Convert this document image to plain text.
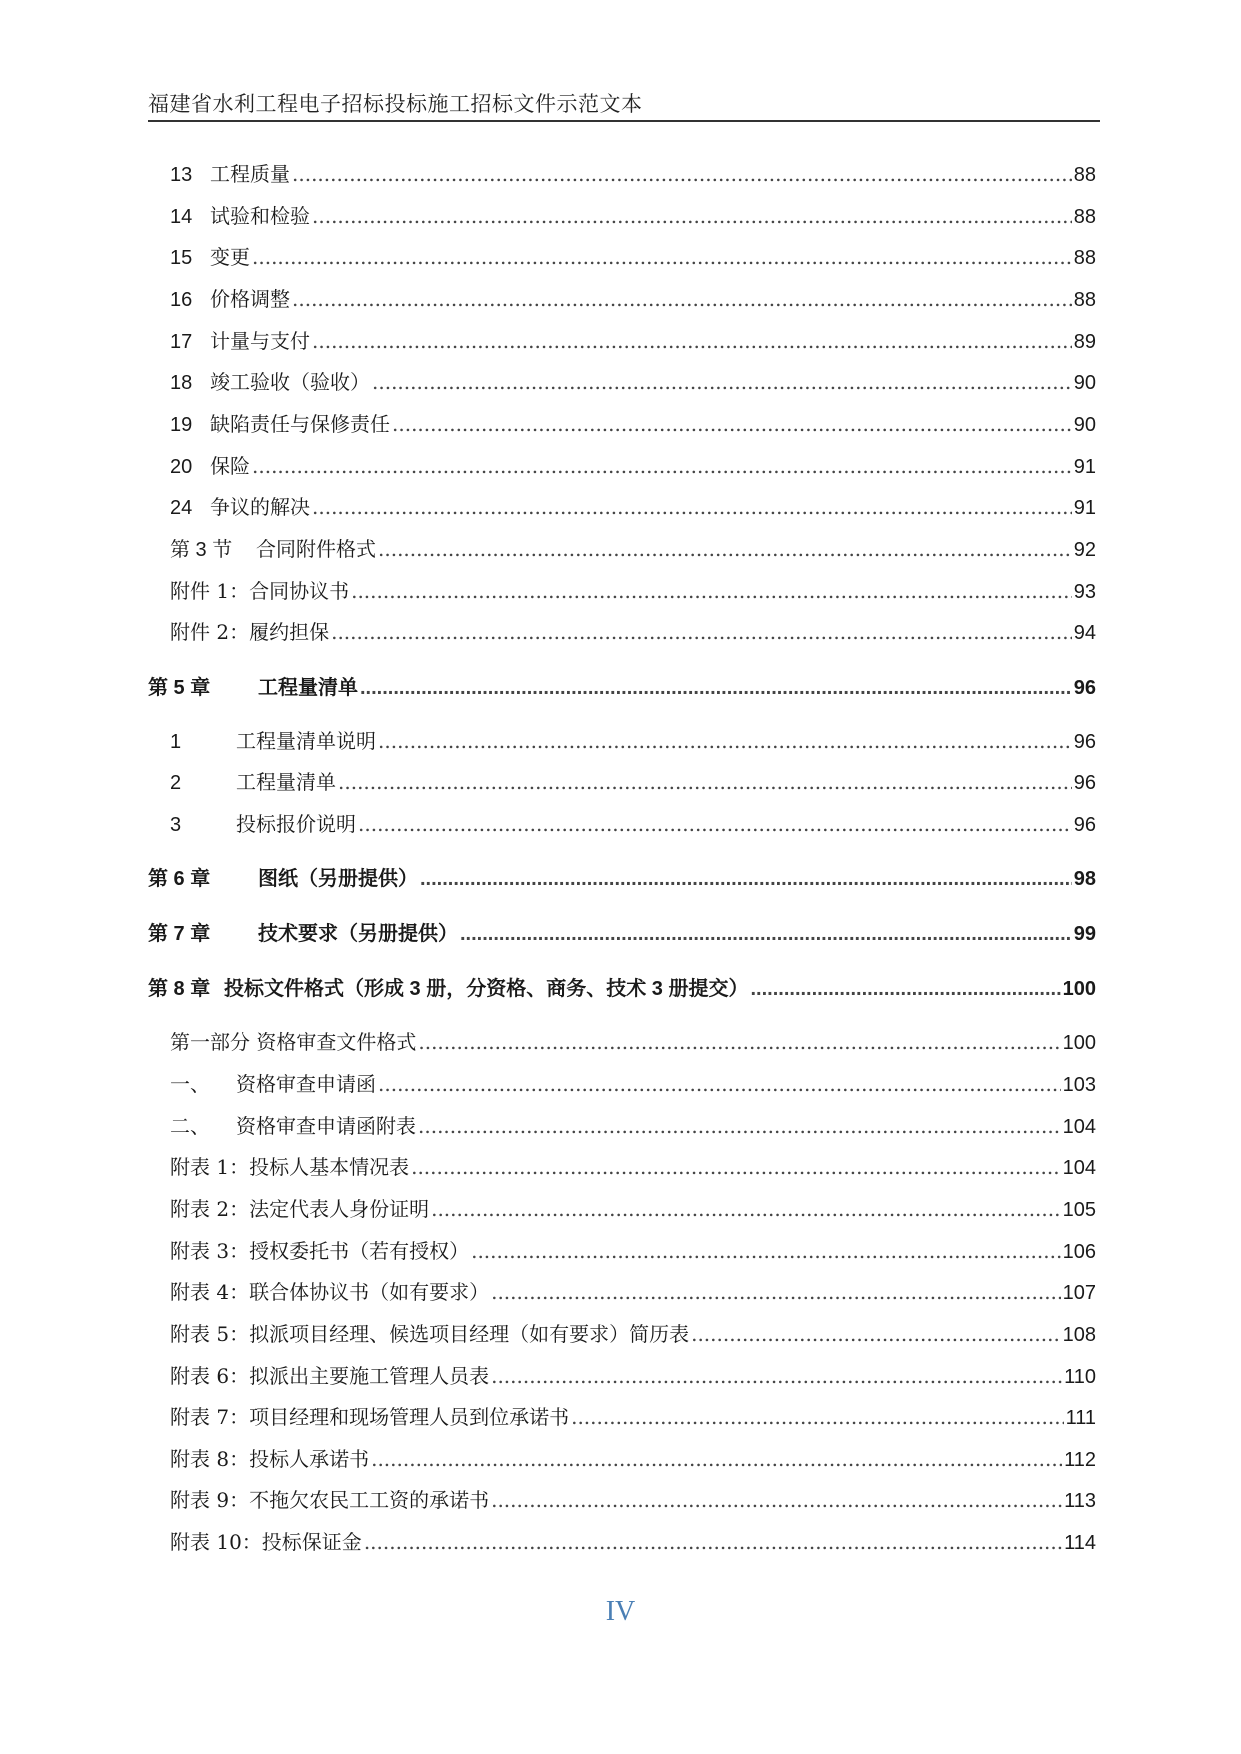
福建省水利工程电子招标投标施工招标文件示范文本
13 工程质量 .....	88
14 试验和检验 .....	88
15 变更 .....	88
16 价格调整 .....	88
17 计量与支付 .....	89
18 竣工验收（验收） .....	90
19 缺陷责任与保修责任 .....	90
20 保险 .....	91
24 争议的解决 .....	91
第 3 节	合同附件格式 .....	92
附件 1：合同协议书 .....	93
附件 2：履约担保 .....	94
第 5 章	工程量清单 .....	96
1	工程量清单说明 .....	96
2	工程量清单 .....	96
3	投标报价说明 .....	96
第 6 章	图纸（另册提供） .....	98
第 7 章	技术要求（另册提供） .....	99
第 8 章 投标文件格式（形成 3 册，分资格、商务、技术 3 册提交） .....	100
第一部分 资格审查文件格式 .....	100
一、	资格审查申请函 .....	103
二、	资格审查申请函附表 .....	104
附表 1：投标人基本情况表 .....	104
附表 2：法定代表人身份证明 .....	105
附表 3：授权委托书（若有授权） .....	106
附表 4：联合体协议书（如有要求） .....	107
附表 5：拟派项目经理、候选项目经理（如有要求）简历表 .....	108
附表 6：拟派出主要施工管理人员表 .....	110
附表 7：项目经理和现场管理人员到位承诺书 .....	111
附表 8：投标人承诺书 .....	112
附表 9：不拖欠农民工工资的承诺书 .....	113
附表 10：投标保证金 .....	114
IV
